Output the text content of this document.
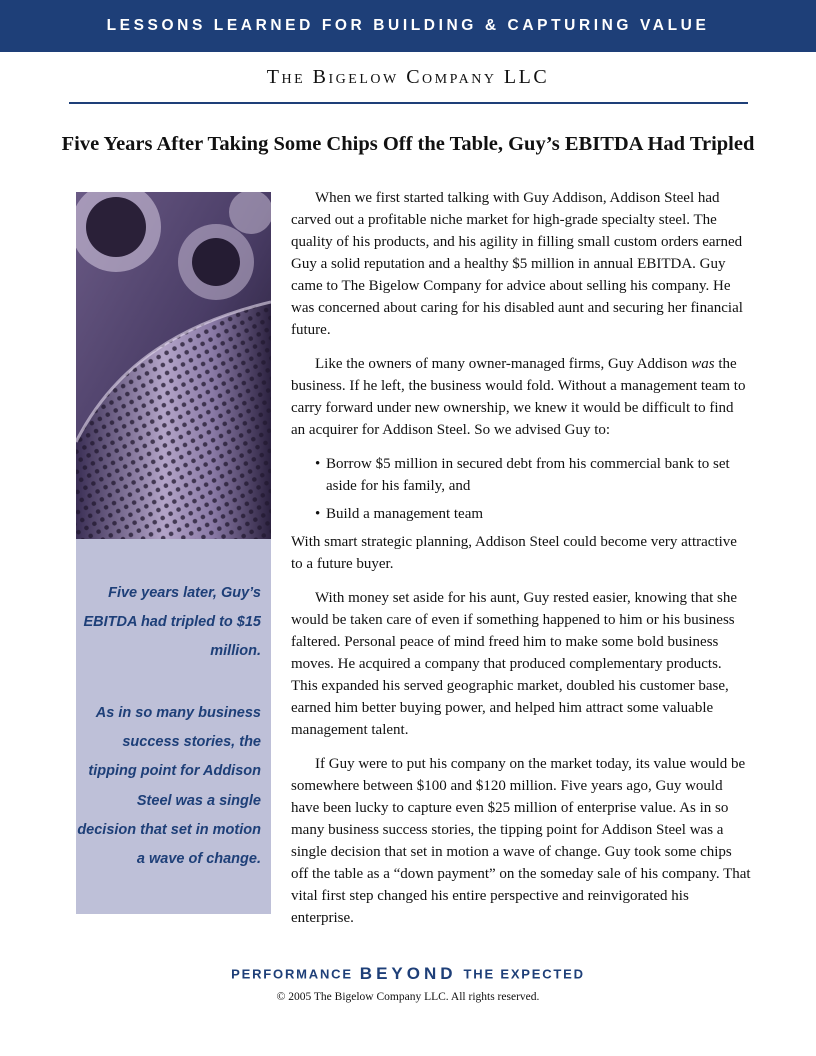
LESSONS LEARNED FOR BUILDING & CAPTURING VALUE
The Bigelow Company LLC
Five Years After Taking Some Chips Off the Table, Guy’s EBITDA Had Tripled
Five years later, Guy’s EBITDA had tripled to $15 million.
As in so many business success stories, the tipping point for Addison Steel was a single decision that set in motion a wave of change.

When we first started talking with Guy Addison, Addison Steel had carved out a profitable niche market for high-grade specialty steel. The quality of his products, and his agility in filling small custom orders earned Guy a solid reputation and a healthy $5 million in annual EBITDA. Guy came to The Bigelow Company for advice about selling his company. He was concerned about caring for his disabled aunt and securing her financial future.

Like the owners of many owner-managed firms, Guy Addison was the business. If he left, the business would fold. Without a management team to carry forward under new ownership, we knew it would be difficult to find an acquirer for Addison Steel. So we advised Guy to:

• Borrow $5 million in secured debt from his commercial bank to set aside for his family, and
• Build a management team

With smart strategic planning, Addison Steel could become very attractive to a future buyer.

With money set aside for his aunt, Guy rested easier, knowing that she would be taken care of even if something happened to him or his business faltered. Personal peace of mind freed him to make some bold business moves. He acquired a company that produced complementary products. This expanded his served geographic market, doubled his customer base, earned him better buying power, and helped him attract some valuable management talent.

If Guy were to put his company on the market today, its value would be somewhere between $100 and $120 million. Five years ago, Guy would have been lucky to capture even $25 million of enterprise value. As in so many business success stories, the tipping point for Addison Steel was a single decision that set in motion a wave of change. Guy took some chips off the table as a “down payment” on the someday sale of his company. That vital first step changed his entire perspective and reinvigorated his enterprise.

PERFORMANCE BEYOND THE EXPECTED
© 2005 The Bigelow Company LLC. All rights reserved.
